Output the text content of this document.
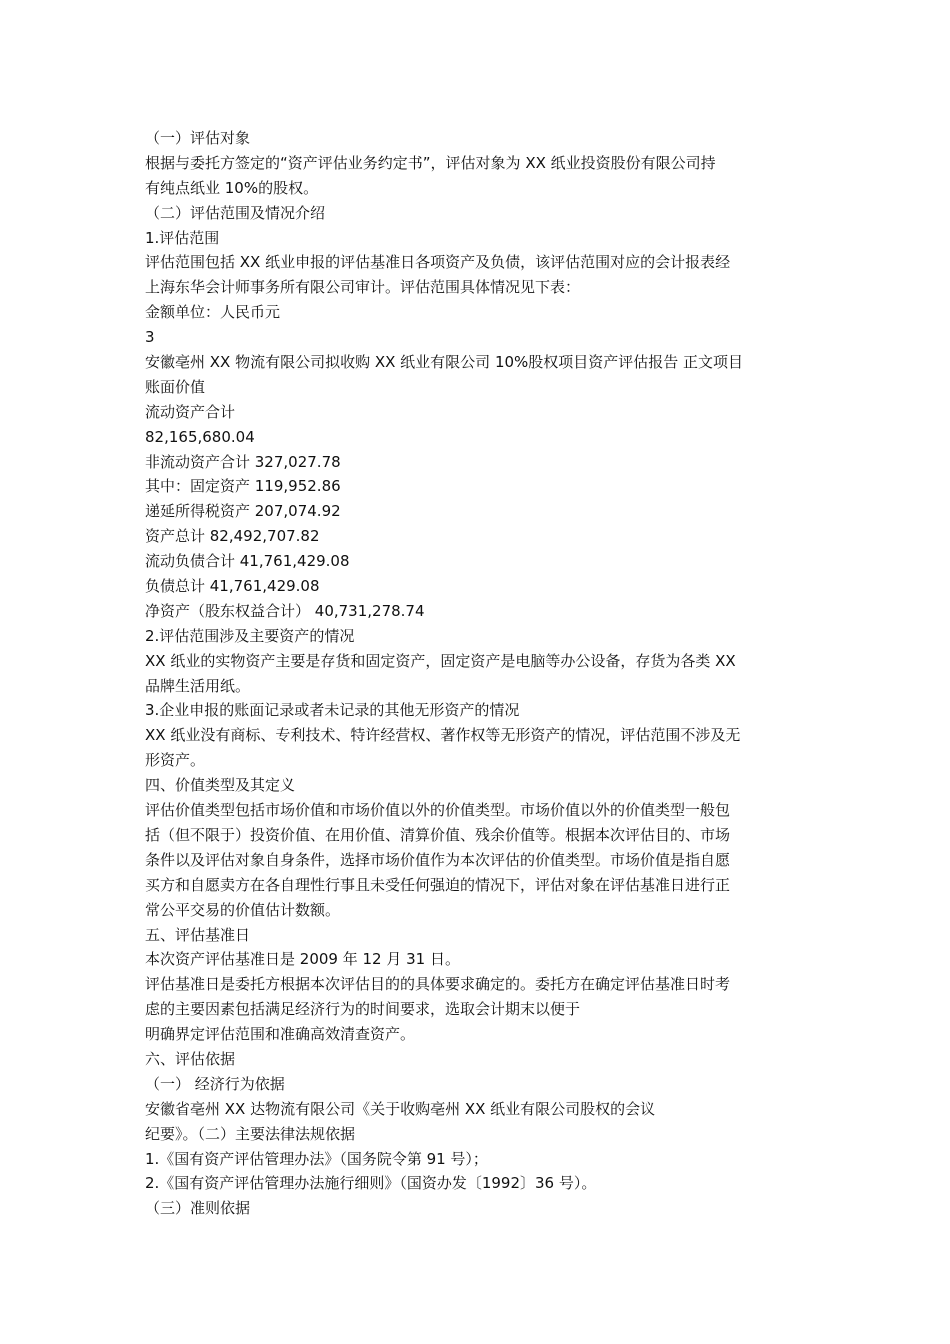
（一）评估对象
根据与委托方签定的“资产评估业务约定书”，评估对象为 XX 纸业投资股份有限公司持
有纯点纸业 10%的股权。
（二）评估范围及情况介绍
1.评估范围
评估范围包括 XX 纸业申报的评估基准日各项资产及负债，该评估范围对应的会计报表经
上海东华会计师事务所有限公司审计。评估范围具体情况见下表：
金额单位：人民币元
3
安徽亳州 XX 物流有限公司拟收购 XX 纸业有限公司 10%股权项目资产评估报告 正文项目
账面价值
流动资产合计
82,165,680.04
非流动资产合计 327,027.78
其中：固定资产 119,952.86
递延所得税资产 207,074.92
资产总计 82,492,707.82
流动负债合计 41,761,429.08
负债总计 41,761,429.08
净资产（股东权益合计） 40,731,278.74
2.评估范围涉及主要资产的情况
XX 纸业的实物资产主要是存货和固定资产，固定资产是电脑等办公设备，存货为各类 XX
品牌生活用纸。
3.企业申报的账面记录或者未记录的其他无形资产的情况
XX 纸业没有商标、专利技术、特许经营权、著作权等无形资产的情况，评估范围不涉及无
形资产。
四、价值类型及其定义
评估价值类型包括市场价值和市场价值以外的价值类型。市场价值以外的价值类型一般包
括（但不限于）投资价值、在用价值、清算价值、残余价值等。根据本次评估目的、市场
条件以及评估对象自身条件，选择市场价值作为本次评估的价值类型。市场价值是指自愿
买方和自愿卖方在各自理性行事且未受任何强迫的情况下，评估对象在评估基准日进行正
常公平交易的价值估计数额。
五、评估基准日
本次资产评估基准日是 2009 年 12 月 31 日。
评估基准日是委托方根据本次评估目的的具体要求确定的。委托方在确定评估基准日时考
虑的主要因素包括满足经济行为的时间要求，选取会计期末以便于
明确界定评估范围和准确高效清查资产。
六、评估依据
（一） 经济行为依据
安徽省亳州 XX 达物流有限公司《关于收购亳州 XX 纸业有限公司股权的会议
纪要》。（二）主要法律法规依据
1.《国有资产评估管理办法》（国务院令第 91 号）；
2.《国有资产评估管理办法施行细则》（国资办发〔1992〕36 号）。
（三）准则依据
